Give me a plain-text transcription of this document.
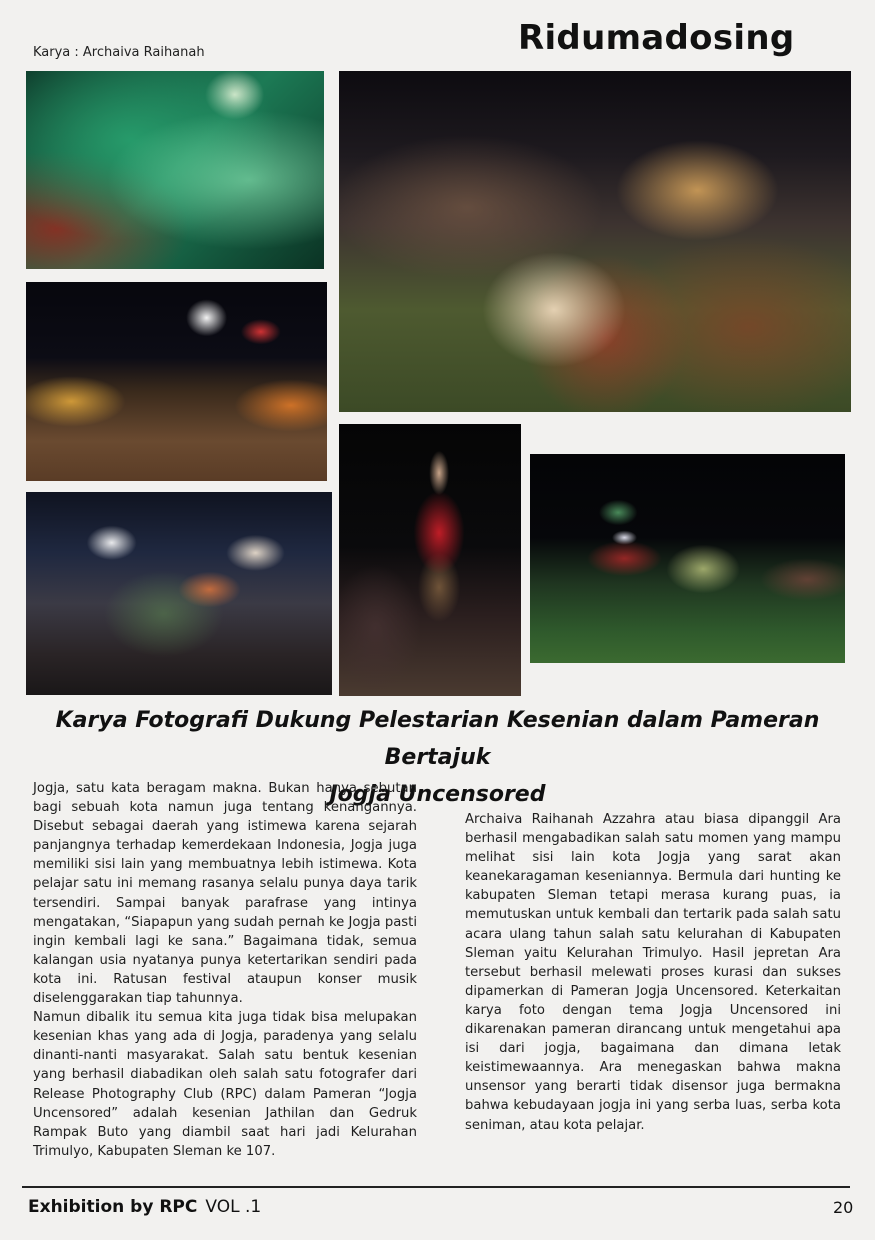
Karya : Archaiva Raihanah	Ridumadosing
Karya Fotografi Dukung Pelestarian Kesenian dalam Pameran Bertajuk
Jogja Uncensored

Jogja, satu kata beragam makna. Bukan hanya sebutan bagi sebuah kota namun juga tentang kenangannya. Disebut sebagai daerah yang istimewa karena sejarah panjangnya terhadap kemerdekaan Indonesia, Jogja juga memiliki sisi lain yang membuatnya lebih istimewa. Kota pelajar satu ini memang rasanya selalu punya daya tarik tersendiri. Sampai banyak parafrase yang intinya mengatakan, “Siapapun yang sudah pernah ke Jogja pasti ingin kembali lagi ke sana.” Bagaimana tidak, semua kalangan usia nyatanya punya ketertarikan sendiri pada kota ini. Ratusan festival ataupun konser musik diselenggarakan tiap tahunnya.

Namun dibalik itu semua kita juga tidak bisa melupakan kesenian khas yang ada di Jogja, paradenya yang selalu dinanti-nanti masyarakat. Salah satu bentuk kesenian yang berhasil diabadikan oleh salah satu fotografer dari Release Photography Club (RPC) dalam Pameran “Jogja Uncensored” adalah kesenian Jathilan dan Gedruk Rampak Buto yang diambil saat hari jadi Kelurahan Trimulyo, Kabupaten Sleman ke 107.

Archaiva Raihanah Azzahra atau biasa dipanggil Ara berhasil mengabadikan salah satu momen yang mampu melihat sisi lain kota Jogja yang sarat akan keanekaragaman keseniannya. Bermula dari hunting ke kabupaten Sleman tetapi merasa kurang puas, ia memutuskan untuk kembali dan tertarik pada salah satu acara ulang tahun salah satu kelurahan di Kabupaten Sleman yaitu Kelurahan Trimulyo. Hasil jepretan Ara tersebut berhasil melewati proses kurasi dan sukses dipamerkan di Pameran Jogja Uncensored. Keterkaitan karya foto dengan tema Jogja Uncensored ini dikarenakan pameran dirancang untuk mengetahui apa isi dari jogja, bagaimana dan dimana letak keistimewaannya. Ara menegaskan bahwa makna unsensor yang berarti tidak disensor juga bermakna bahwa kebudayaan jogja ini yang serba luas, serba kota seniman, atau kota pelajar.

Exhibition by RPC VOL .1	20
